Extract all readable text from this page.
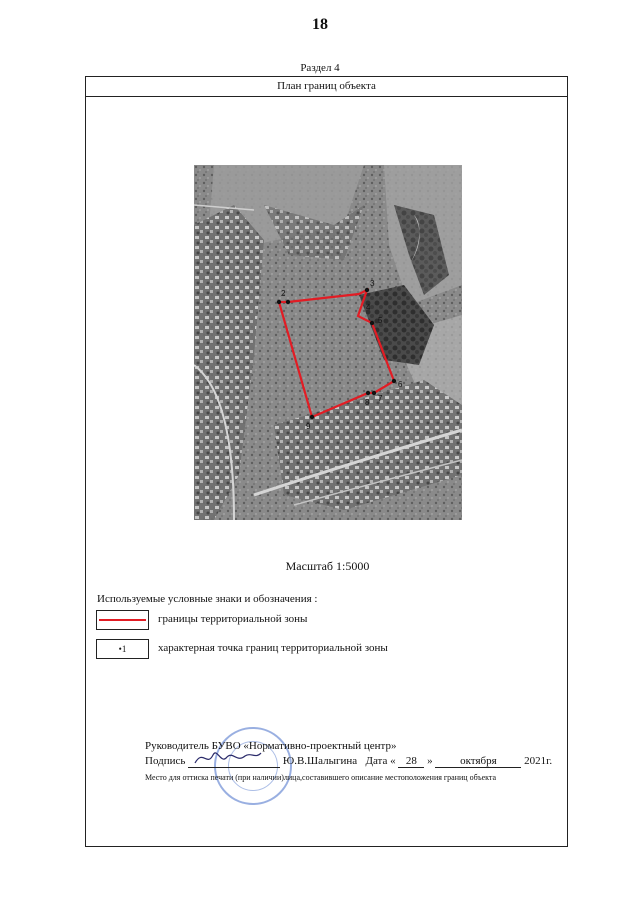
18
Раздел 4
План границ объекта
2
3
4
5
6
7
8
9
Масштаб 1:5000
Используемые условные знаки и обозначения :
границы территориальной зоны
•1	характерная точка границ территориальной зоны
Руководитель БУВО «Нормативно-проектный центр»
Подпись	Ю.В.Шалыгина Дата « 28 » октября 2021г.
Место для оттиска печати (при наличии)лица,составившего описание местоположения границ объекта
